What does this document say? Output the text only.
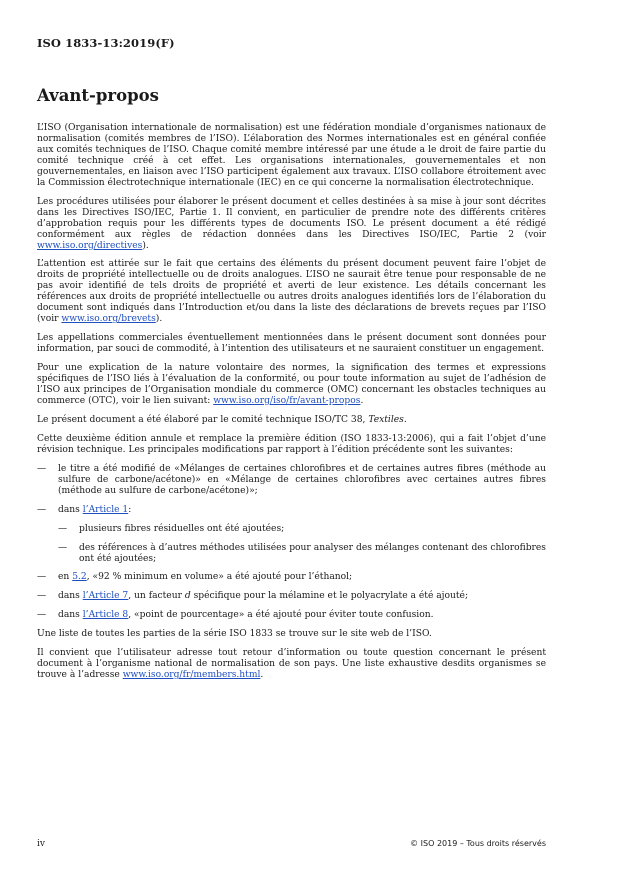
ISO 1833-13:2019(F)
Avant-propos

L’ISO (Organisation internationale de normalisation) est une fédération mondiale d’organismes nationaux de normalisation (comités membres de l’ISO). L’élaboration des Normes internationales est en général confiée aux comités techniques de l’ISO. Chaque comité membre intéressé par une étude a le droit de faire partie du comité technique créé à cet effet. Les organisations internationales, gouvernementales et non gouvernementales, en liaison avec l’ISO participent également aux travaux. L’ISO collabore étroitement avec la Commission électrotechnique internationale (IEC) en ce qui concerne la normalisation électrotechnique.

Les procédures utilisées pour élaborer le présent document et celles destinées à sa mise à jour sont décrites dans les Directives ISO/IEC, Partie 1. Il convient, en particulier de prendre note des différents critères d’approbation requis pour les différents types de documents ISO. Le présent document a été rédigé conformément aux règles de rédaction données dans les Directives ISO/IEC, Partie 2 (voir www.iso.org/directives).

L’attention est attirée sur le fait que certains des éléments du présent document peuvent faire l’objet de droits de propriété intellectuelle ou de droits analogues. L’ISO ne saurait être tenue pour responsable de ne pas avoir identifié de tels droits de propriété et averti de leur existence. Les détails concernant les références aux droits de propriété intellectuelle ou autres droits analogues identifiés lors de l’élaboration du document sont indiqués dans l’Introduction et/ou dans la liste des déclarations de brevets reçues par l’ISO (voir www.iso.org/brevets).

Les appellations commerciales éventuellement mentionnées dans le présent document sont données pour information, par souci de commodité, à l’intention des utilisateurs et ne sauraient constituer un engagement.

Pour une explication de la nature volontaire des normes, la signification des termes et expressions spécifiques de l’ISO liés à l’évaluation de la conformité, ou pour toute information au sujet de l’adhésion de l’ISO aux principes de l’Organisation mondiale du commerce (OMC) concernant les obstacles techniques au commerce (OTC), voir le lien suivant: www.iso.org/iso/fr/avant-propos.

Le présent document a été élaboré par le comité technique ISO/TC 38, Textiles.

Cette deuxième édition annule et remplace la première édition (ISO 1833-13:2006), qui a fait l’objet d’une révision technique. Les principales modifications par rapport à l’édition précédente sont les suivantes:

—	le titre a été modifié de «Mélanges de certaines chlorofibres et de certaines autres fibres (méthode au sulfure de carbone/acétone)» en «Mélange de certaines chlorofibres avec certaines autres fibres (méthode au sulfure de carbone/acétone)»;
—	dans l’Article 1:
—	plusieurs fibres résiduelles ont été ajoutées;
—	des références à d’autres méthodes utilisées pour analyser des mélanges contenant des chlorofibres ont été ajoutées;
—	en 5.2, «92 % minimum en volume» a été ajouté pour l’éthanol;
—	dans l’Article 7, un facteur d spécifique pour la mélamine et le polyacrylate a été ajouté;
—	dans l’Article 8, «point de pourcentage» a été ajouté pour éviter toute confusion.

Une liste de toutes les parties de la série ISO 1833 se trouve sur le site web de l’ISO.

Il convient que l’utilisateur adresse tout retour d’information ou toute question concernant le présent document à l’organisme national de normalisation de son pays. Une liste exhaustive desdits organismes se trouve à l’adresse www.iso.org/fr/members.html.

iv	© ISO 2019 – Tous droits réservés
